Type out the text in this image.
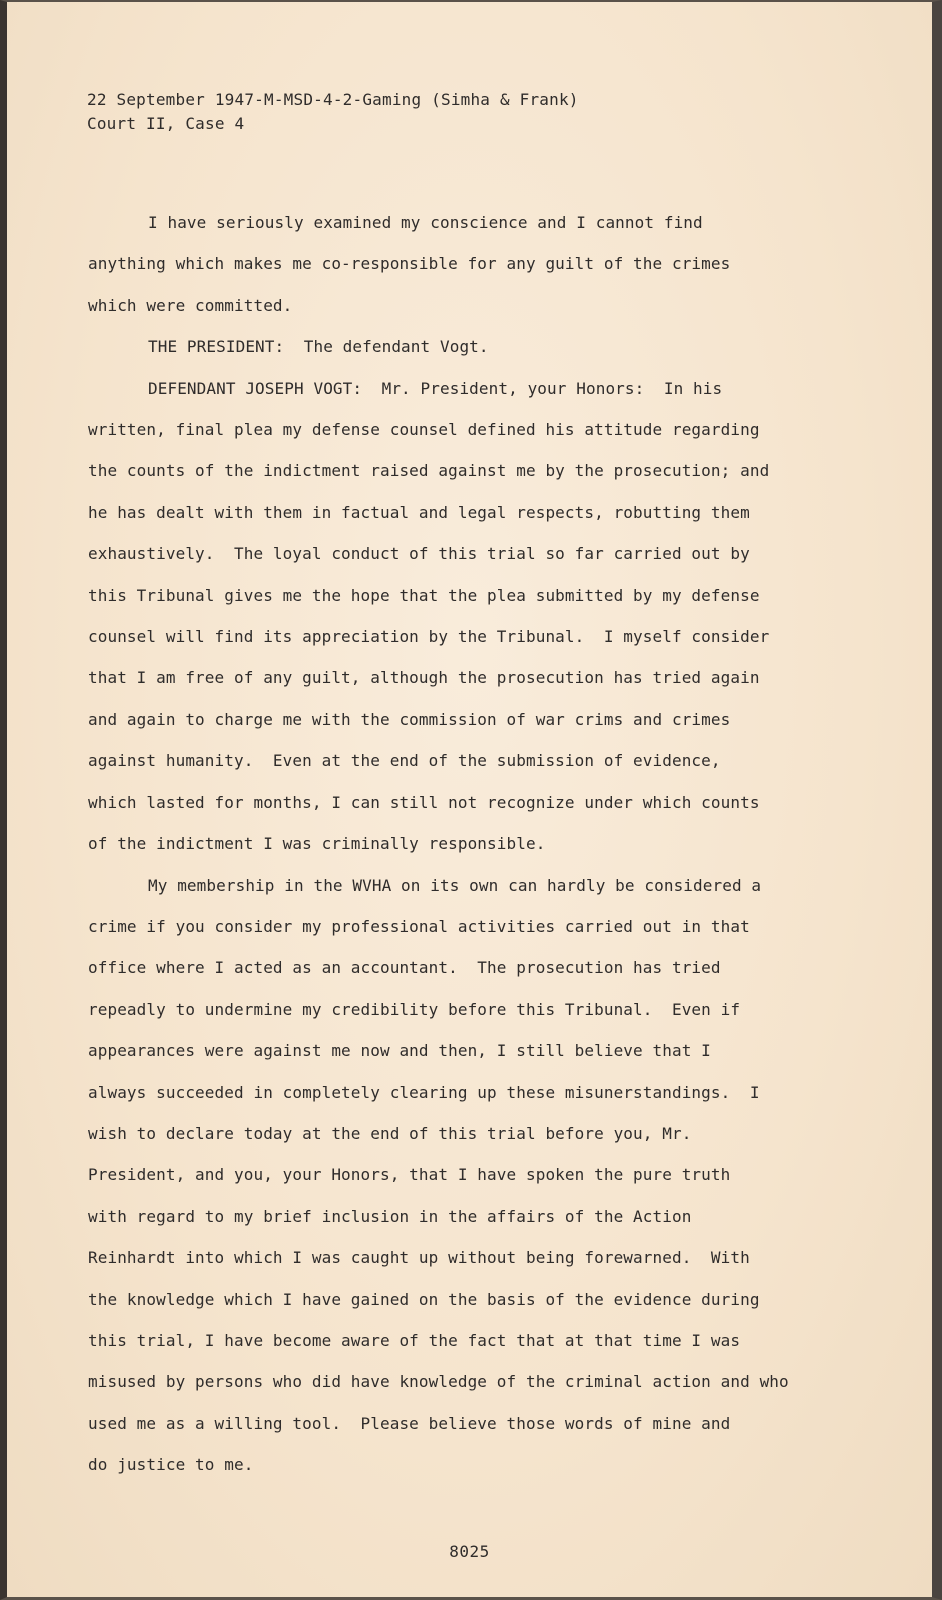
22 September 1947-M-MSD-4-2-Gaming (Simha & Frank)
Court II, Case 4
I have seriously examined my conscience and I cannot find
anything which makes me co-responsible for any guilt of the crimes
which were committed.
THE PRESIDENT:  The defendant Vogt.
DEFENDANT JOSEPH VOGT:  Mr. President, your Honors:  In his
written, final plea my defense counsel defined his attitude regarding
the counts of the indictment raised against me by the prosecution; and
he has dealt with them in factual and legal respects, robutting them
exhaustively.  The loyal conduct of this trial so far carried out by
this Tribunal gives me the hope that the plea submitted by my defense
counsel will find its appreciation by the Tribunal.  I myself consider
that I am free of any guilt, although the prosecution has tried again
and again to charge me with the commission of war crims and crimes
against humanity.  Even at the end of the submission of evidence,
which lasted for months, I can still not recognize under which counts
of the indictment I was criminally responsible.
My membership in the WVHA on its own can hardly be considered a
crime if you consider my professional activities carried out in that
office where I acted as an accountant.  The prosecution has tried
repeadly to undermine my credibility before this Tribunal.  Even if
appearances were against me now and then, I still believe that I
always succeeded in completely clearing up these misunerstandings.  I
wish to declare today at the end of this trial before you, Mr.
President, and you, your Honors, that I have spoken the pure truth
with regard to my brief inclusion in the affairs of the Action
Reinhardt into which I was caught up without being forewarned.  With
the knowledge which I have gained on the basis of the evidence during
this trial, I have become aware of the fact that at that time I was
misused by persons who did have knowledge of the criminal action and who
used me as a willing tool.  Please believe those words of mine and
do justice to me.
8025
